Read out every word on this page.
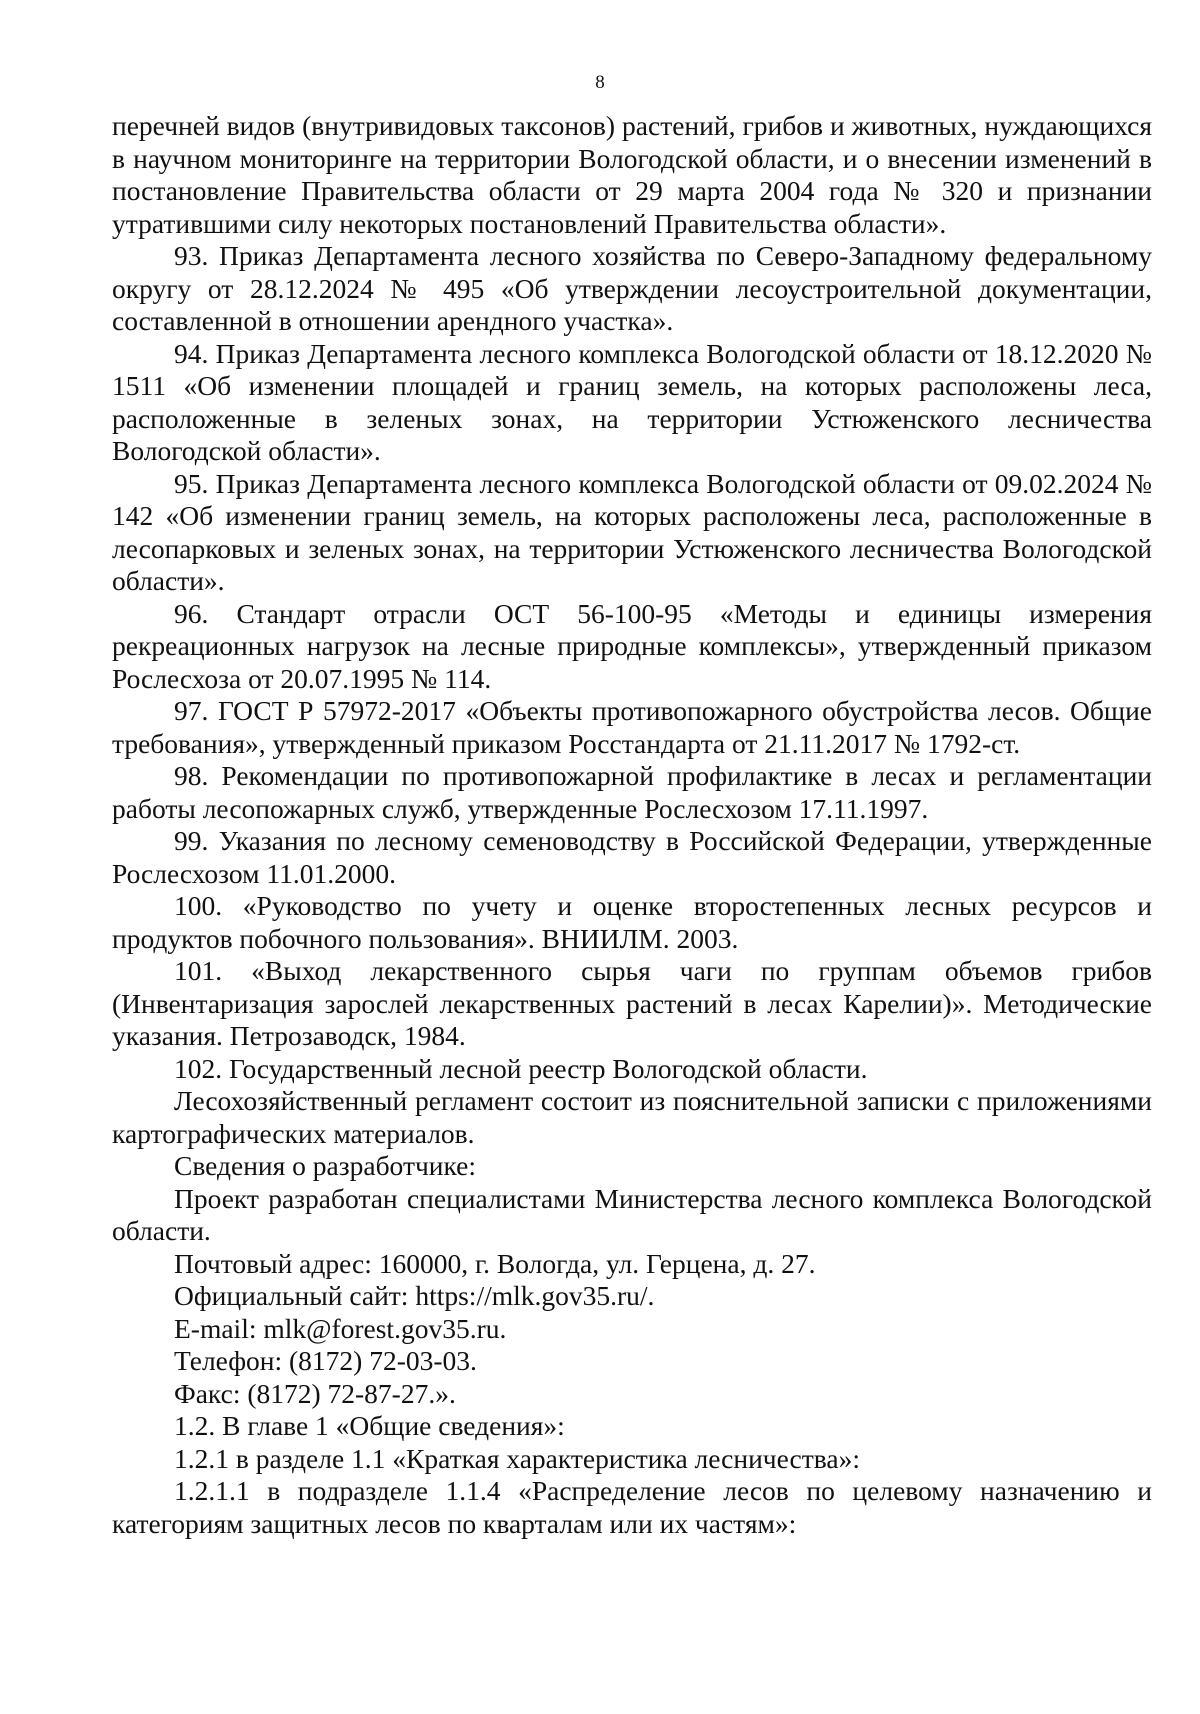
8

перечней видов (внутривидовых таксонов) растений, грибов и животных, нуждающихся в научном мониторинге на территории Вологодской области, и о внесении изменений в постановление Правительства области от 29 марта 2004 года № 320 и признании утратившими силу некоторых постановлений Правительства области».

93. Приказ Департамента лесного хозяйства по Северо-Западному федеральному округу от 28.12.2024 № 495 «Об утверждении лесоустроительной документации, составленной в отношении арендного участка».

94. Приказ Департамента лесного комплекса Вологодской области от 18.12.2020 № 1511 «Об изменении площадей и границ земель, на которых расположены леса, расположенные в зеленых зонах, на территории Устюженского лесничества Вологодской области».

95. Приказ Департамента лесного комплекса Вологодской области от 09.02.2024 № 142 «Об изменении границ земель, на которых расположены леса, расположенные в лесопарковых и зеленых зонах, на территории Устюженского лесничества Вологодской области».

96. Стандарт отрасли ОСТ 56-100-95 «Методы и единицы измерения рекреационных нагрузок на лесные природные комплексы», утвержденный приказом Рослесхоза от 20.07.1995 № 114.

97. ГОСТ Р 57972-2017 «Объекты противопожарного обустройства лесов. Общие требования», утвержденный приказом Росстандарта от 21.11.2017 № 1792-ст.

98. Рекомендации по противопожарной профилактике в лесах и регламентации работы лесопожарных служб, утвержденные Рослесхозом 17.11.1997.

99. Указания по лесному семеноводству в Российской Федерации, утвержденные Рослесхозом 11.01.2000.

100. «Руководство по учету и оценке второстепенных лесных ресурсов и продуктов побочного пользования». ВНИИЛМ. 2003.

101. «Выход лекарственного сырья чаги по группам объемов грибов (Инвентаризация зарослей лекарственных растений в лесах Карелии)». Методические указания. Петрозаводск, 1984.

102. Государственный лесной реестр Вологодской области.

Лесохозяйственный регламент состоит из пояснительной записки с приложениями картографических материалов.

Сведения о разработчике:

Проект разработан специалистами Министерства лесного комплекса Вологодской области.

Почтовый адрес: 160000, г. Вологда, ул. Герцена, д. 27.

Официальный сайт: https://mlk.gov35.ru/.

E-mail: mlk@forest.gov35.ru.

Телефон: (8172) 72-03-03.

Факс: (8172) 72-87-27.».

1.2. В главе 1 «Общие сведения»:

1.2.1 в разделе 1.1 «Краткая характеристика лесничества»:

1.2.1.1 в подразделе 1.1.4 «Распределение лесов по целевому назначению и категориям защитных лесов по кварталам или их частям»:
